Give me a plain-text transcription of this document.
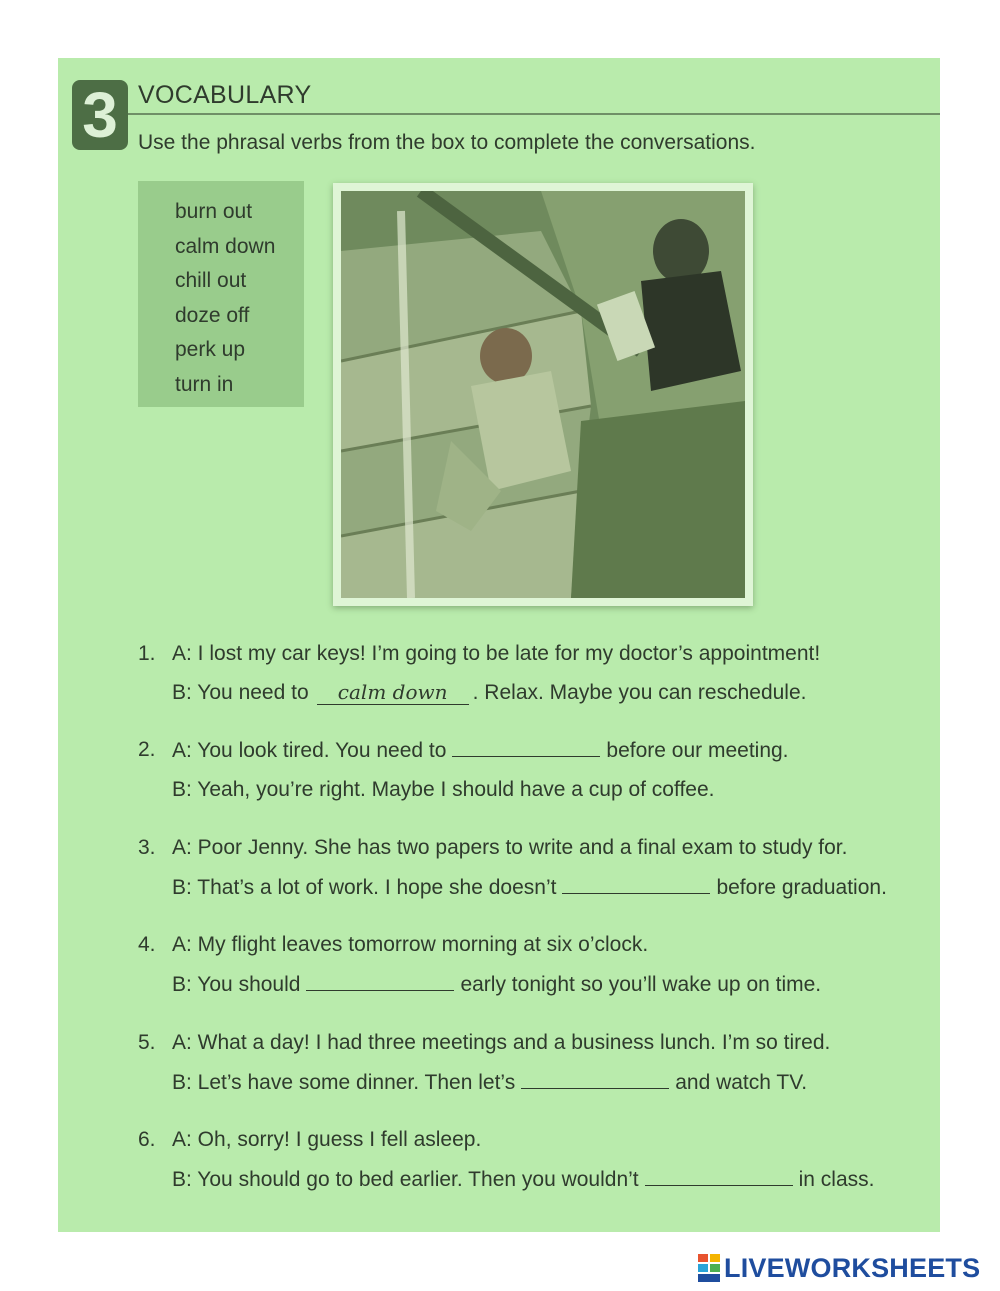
3 VOCABULARY
Use the phrasal verbs from the box to complete the conversations.
burn out
calm down
chill out
doze off
perk up
turn in
1. A: I lost my car keys! I’m going to be late for my doctor’s appointment!
B: You need to calm down . Relax. Maybe you can reschedule.
2. A: You look tired. You need to	before our meeting.
B: Yeah, you’re right. Maybe I should have a cup of coffee.
3. A: Poor Jenny. She has two papers to write and a final exam to study for.
B: That’s a lot of work. I hope she doesn’t	before graduation.
4. A: My flight leaves tomorrow morning at six o’clock.
B: You should	early tonight so you’ll wake up on time.
5. A: What a day! I had three meetings and a business lunch. I’m so tired.
B: Let’s have some dinner. Then let’s	and watch TV.
6. A: Oh, sorry! I guess I fell asleep.
B: You should go to bed earlier. Then you wouldn’t	in class.
LIVEWORKSHEETS
